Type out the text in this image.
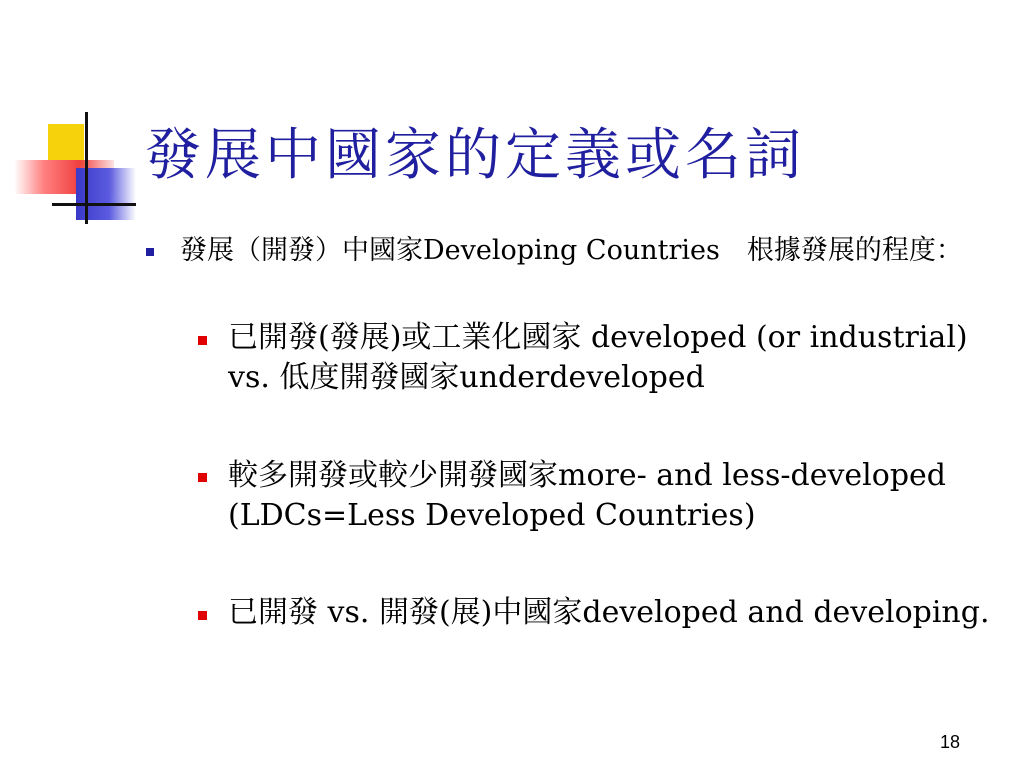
發展中國家的定義或名詞
發展（開發）中國家Developing Countries　根據發展的程度：
已開發(發展)或工業化國家 developed (or industrial) vs. 低度開發國家underdeveloped
較多開發或較少開發國家more- and less-developed (LDCs=Less Developed Countries)
已開發 vs. 開發(展)中國家developed and developing.
18
